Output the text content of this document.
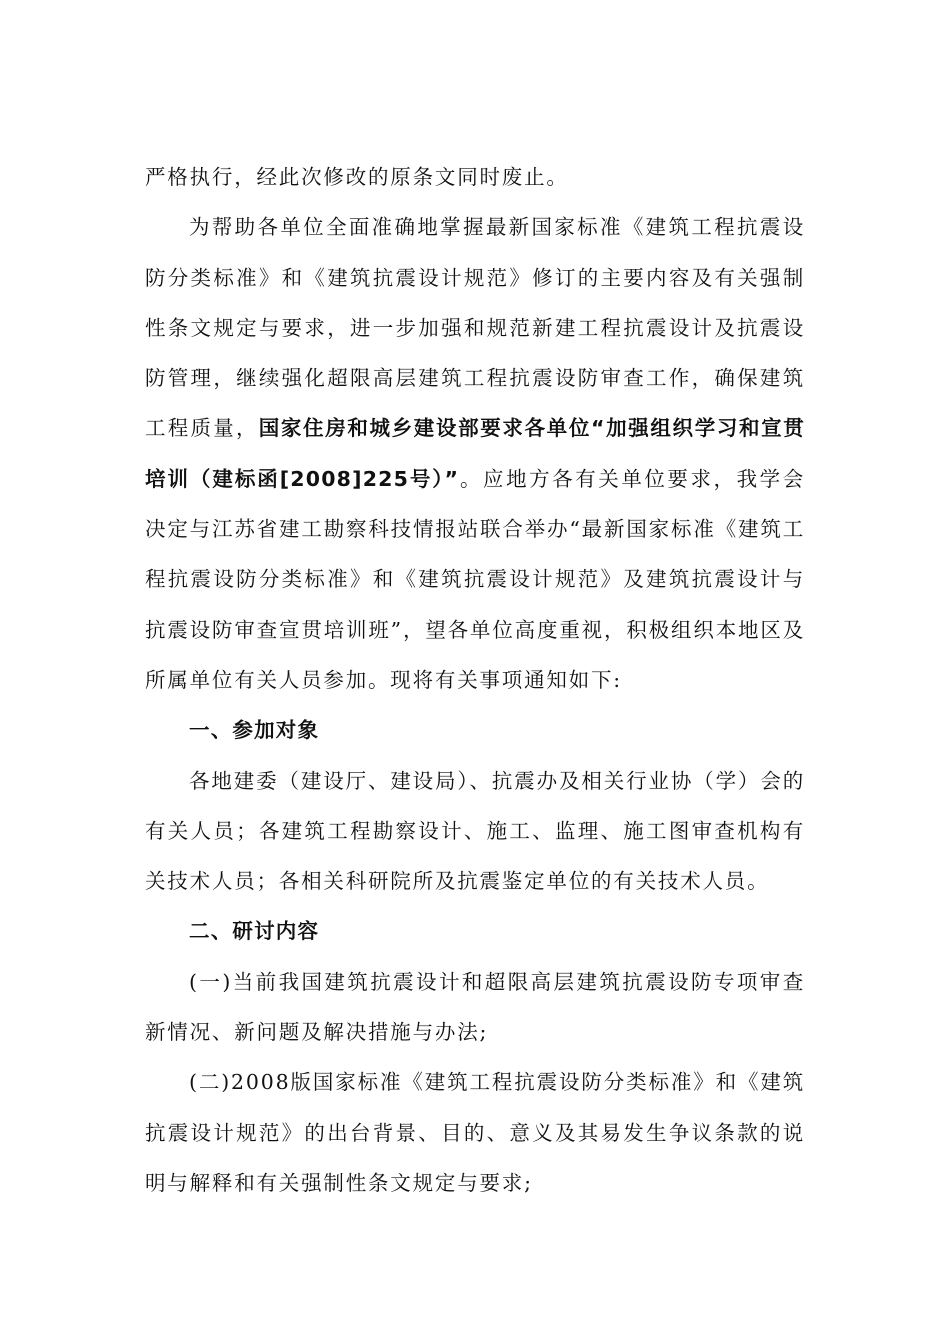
严格执行，经此次修改的原条文同时废止。

为帮助各单位全面准确地掌握最新国家标准《建筑工程抗震设防分类标准》和《建筑抗震设计规范》修订的主要内容及有关强制性条文规定与要求，进一步加强和规范新建工程抗震设计及抗震设防管理，继续强化超限高层建筑工程抗震设防审查工作，确保建筑工程质量，国家住房和城乡建设部要求各单位“加强组织学习和宣贯培训（建标函[2008]225号）”。应地方各有关单位要求，我学会决定与江苏省建工勘察科技情报站联合举办“最新国家标准《建筑工程抗震设防分类标准》和《建筑抗震设计规范》及建筑抗震设计与抗震设防审查宣贯培训班”，望各单位高度重视，积极组织本地区及所属单位有关人员参加。现将有关事项通知如下:

一、参加对象

各地建委（建设厅、建设局）、抗震办及相关行业协（学）会的有关人员；各建筑工程勘察设计、施工、监理、施工图审查机构有关技术人员；各相关科研院所及抗震鉴定单位的有关技术人员。

二、研讨内容

(一)当前我国建筑抗震设计和超限高层建筑抗震设防专项审查新情况、新问题及解决措施与办法;

(二)2008版国家标准《建筑工程抗震设防分类标准》和《建筑抗震设计规范》的出台背景、目的、意义及其易发生争议条款的说明与解释和有关强制性条文规定与要求;
